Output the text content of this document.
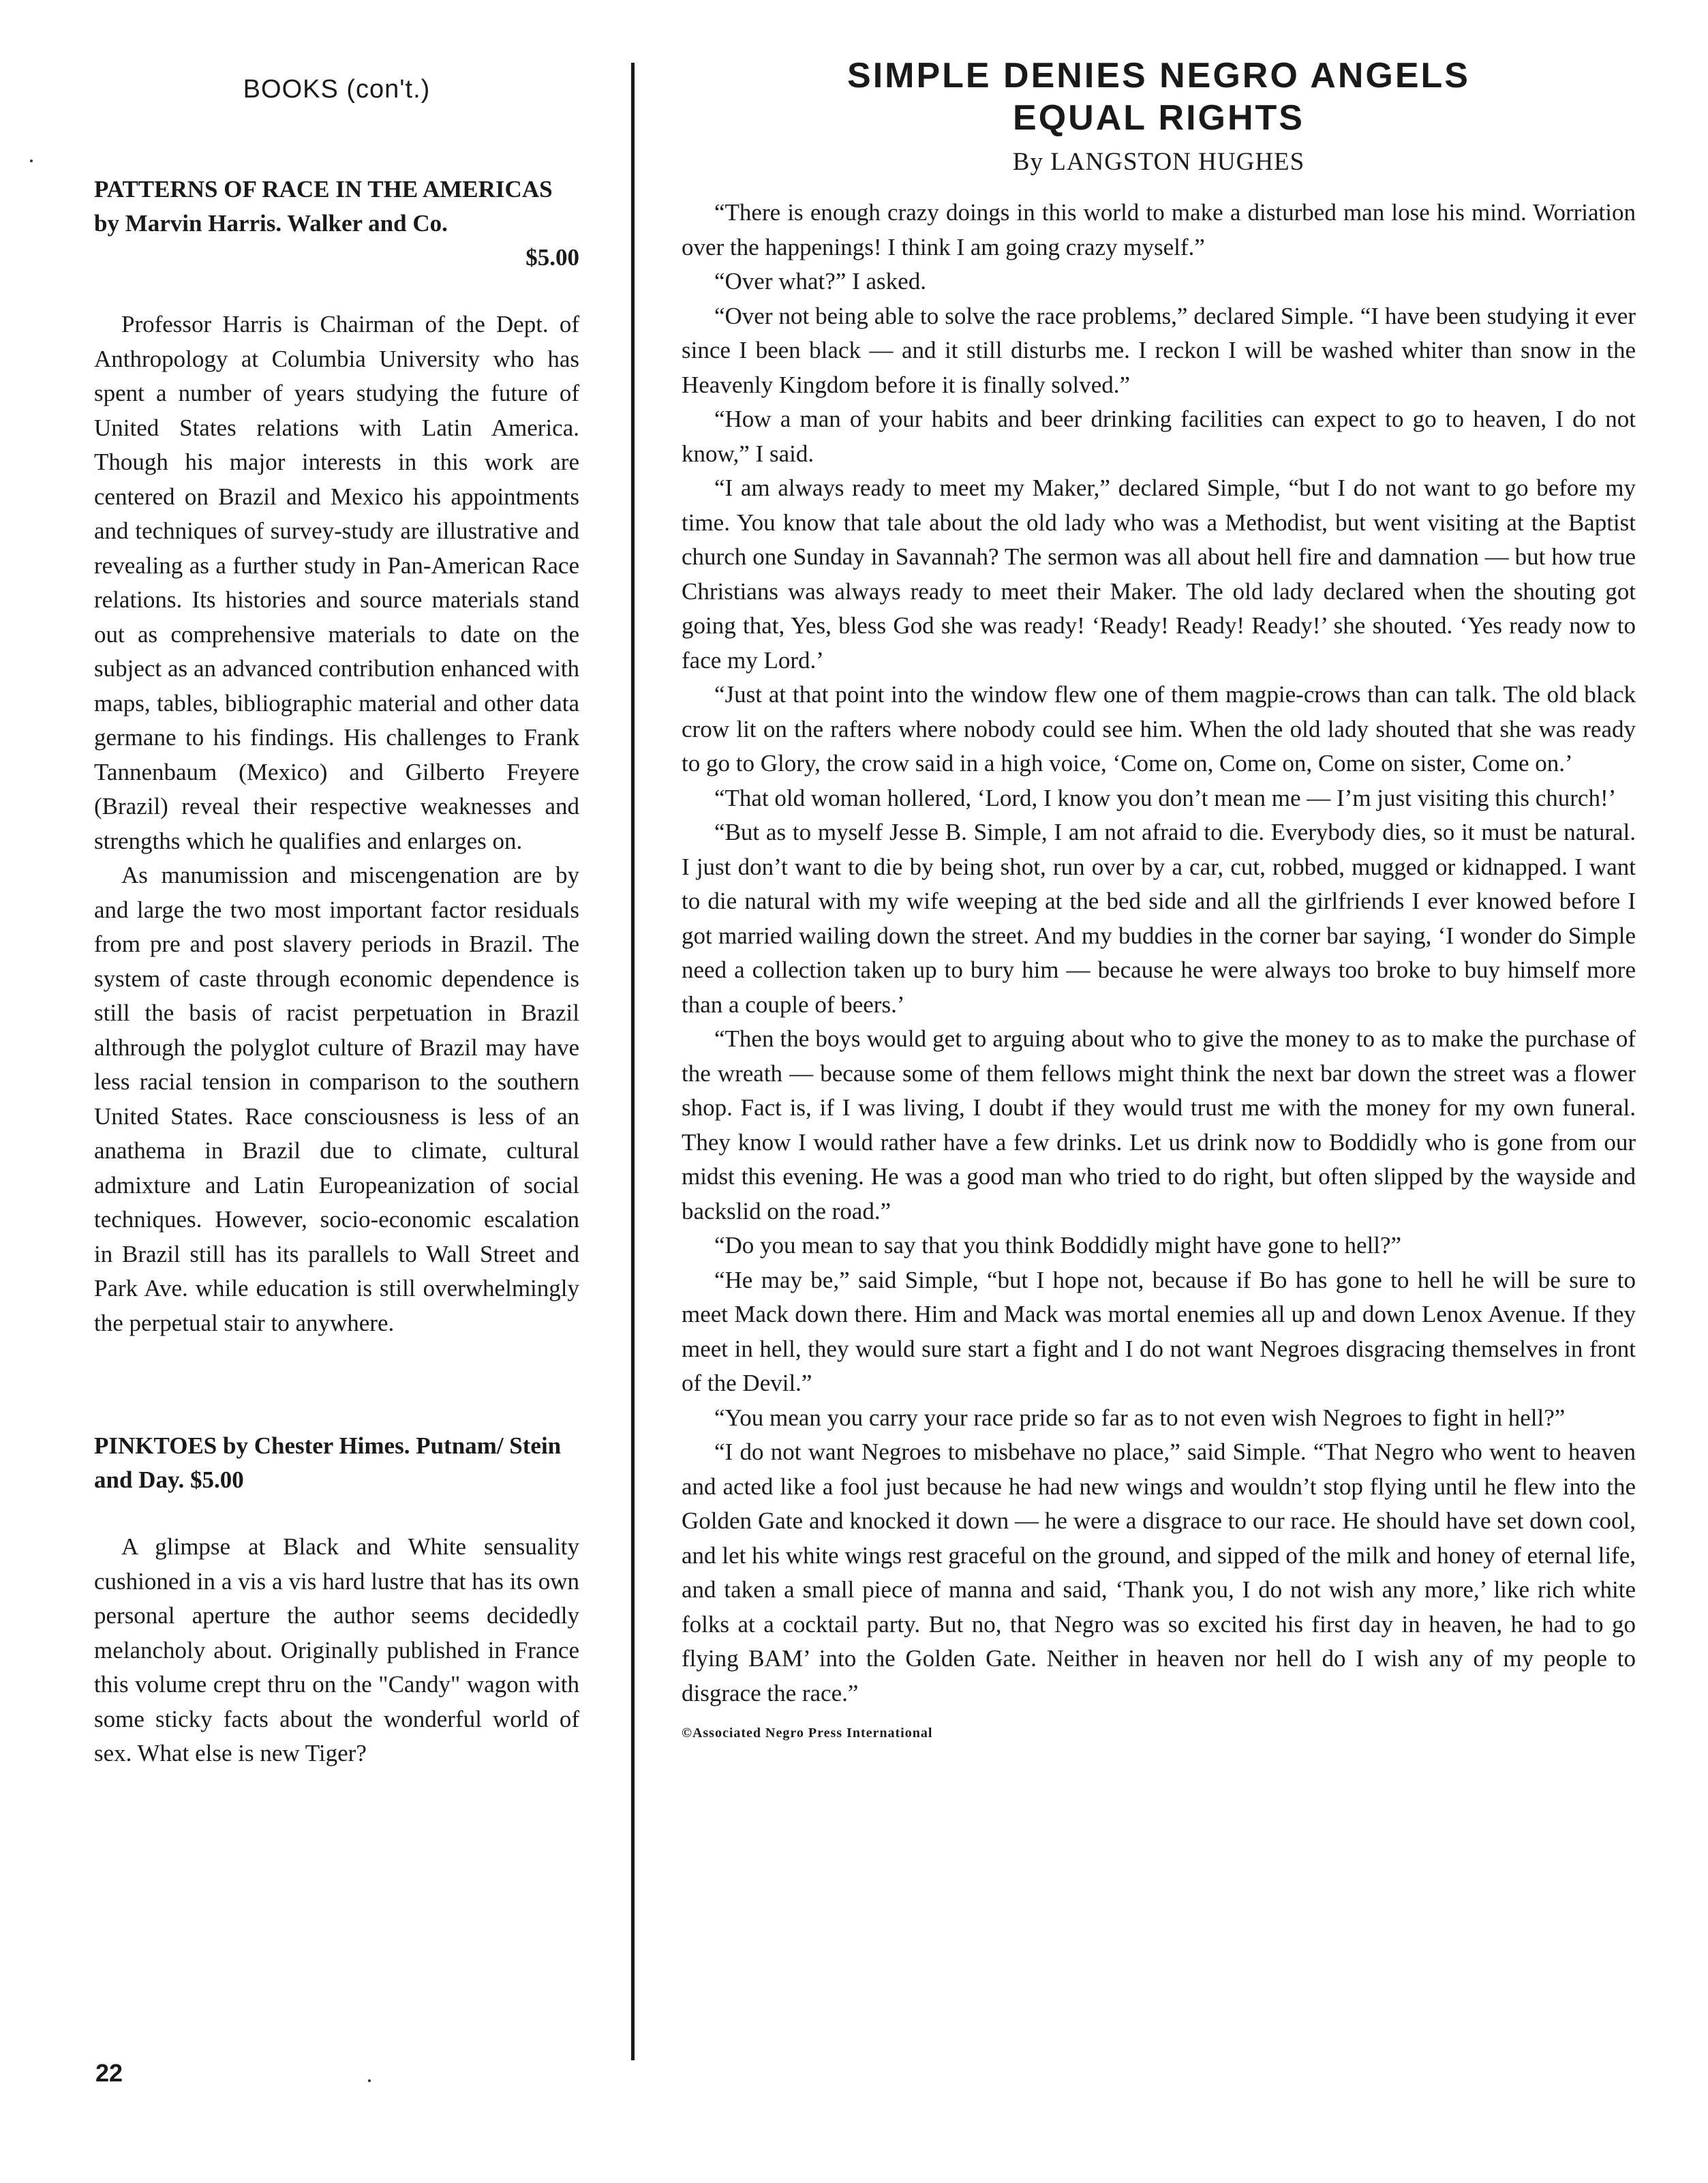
BOOKS (con't.)
PATTERNS OF RACE IN THE AMERICAS by Marvin Harris. Walker and Co.
$5.00

Professor Harris is Chairman of the Dept. of Anthropology at Columbia University who has spent a number of years studying the future of United States relations with Latin America. Though his major interests in this work are centered on Brazil and Mexico his appointments and techniques of survey-study are illustrative and revealing as a further study in Pan-American Race relations. Its histories and source materials stand out as comprehensive materials to date on the subject as an advanced contribution enhanced with maps, tables, bibliographic material and other data germane to his findings. His challenges to Frank Tannenbaum (Mexico) and Gilberto Freyere (Brazil) reveal their respective weaknesses and strengths which he qualifies and enlarges on.

As manumission and miscengenation are by and large the two most important factor residuals from pre and post slavery periods in Brazil. The system of caste through economic dependence is still the basis of racist perpetuation in Brazil althrough the polyglot culture of Brazil may have less racial tension in comparison to the southern United States. Race consciousness is less of an anathema in Brazil due to climate, cultural admixture and Latin Europeanization of social techniques. However, socio-economic escalation in Brazil still has its parallels to Wall Street and Park Ave. while education is still overwhelmingly the perpetual stair to anywhere.

PINKTOES by Chester Himes. Putnam/ Stein and Day. $5.00

A glimpse at Black and White sensuality cushioned in a vis a vis hard lustre that has its own personal aperture the author seems decidedly melancholy about. Originally published in France this volume crept thru on the "Candy" wagon with some sticky facts about the wonderful world of sex. What else is new Tiger?

SIMPLE DENIES NEGRO ANGELS
EQUAL RIGHTS
By LANGSTON HUGHES

“There is enough crazy doings in this world to make a disturbed man lose his mind. Worriation over the happenings! I think I am going crazy myself.”

“Over what?” I asked.

“Over not being able to solve the race problems,” declared Simple. “I have been studying it ever since I been black — and it still disturbs me. I reckon I will be washed whiter than snow in the Heavenly Kingdom before it is finally solved.”

“How a man of your habits and beer drinking facilities can expect to go to heaven, I do not know,” I said.

“I am always ready to meet my Maker,” declared Simple, “but I do not want to go before my time. You know that tale about the old lady who was a Methodist, but went visiting at the Baptist church one Sunday in Savannah? The sermon was all about hell fire and damnation — but how true Christians was always ready to meet their Maker. The old lady declared when the shouting got going that, Yes, bless God she was ready! ‘Ready! Ready! Ready!’ she shouted. ‘Yes ready now to face my Lord.’

“Just at that point into the window flew one of them magpie-crows than can talk. The old black crow lit on the rafters where nobody could see him. When the old lady shouted that she was ready to go to Glory, the crow said in a high voice, ‘Come on, Come on, Come on sister, Come on.’

“That old woman hollered, ‘Lord, I know you don’t mean me — I’m just visiting this church!’

“But as to myself Jesse B. Simple, I am not afraid to die. Everybody dies, so it must be natural. I just don’t want to die by being shot, run over by a car, cut, robbed, mugged or kidnapped. I want to die natural with my wife weeping at the bed side and all the girlfriends I ever knowed before I got married wailing down the street. And my buddies in the corner bar saying, ‘I wonder do Simple need a collection taken up to bury him — because he were always too broke to buy himself more than a couple of beers.’

“Then the boys would get to arguing about who to give the money to as to make the purchase of the wreath — because some of them fellows might think the next bar down the street was a flower shop. Fact is, if I was living, I doubt if they would trust me with the money for my own funeral. They know I would rather have a few drinks. Let us drink now to Boddidly who is gone from our midst this evening. He was a good man who tried to do right, but often slipped by the wayside and backslid on the road.”

“Do you mean to say that you think Boddidly might have gone to hell?”

“He may be,” said Simple, “but I hope not, because if Bo has gone to hell he will be sure to meet Mack down there. Him and Mack was mortal enemies all up and down Lenox Avenue. If they meet in hell, they would sure start a fight and I do not want Negroes disgracing themselves in front of the Devil.”

“You mean you carry your race pride so far as to not even wish Negroes to fight in hell?”

“I do not want Negroes to misbehave no place,” said Simple. “That Negro who went to heaven and acted like a fool just because he had new wings and wouldn’t stop flying until he flew into the Golden Gate and knocked it down — he were a disgrace to our race. He should have set down cool, and let his white wings rest graceful on the ground, and sipped of the milk and honey of eternal life, and taken a small piece of manna and said, ‘Thank you, I do not wish any more,’ like rich white folks at a cocktail party. But no, that Negro was so excited his first day in heaven, he had to go flying BAM’ into the Golden Gate. Neither in heaven nor hell do I wish any of my people to disgrace the race.”

©Associated Negro Press International
22
